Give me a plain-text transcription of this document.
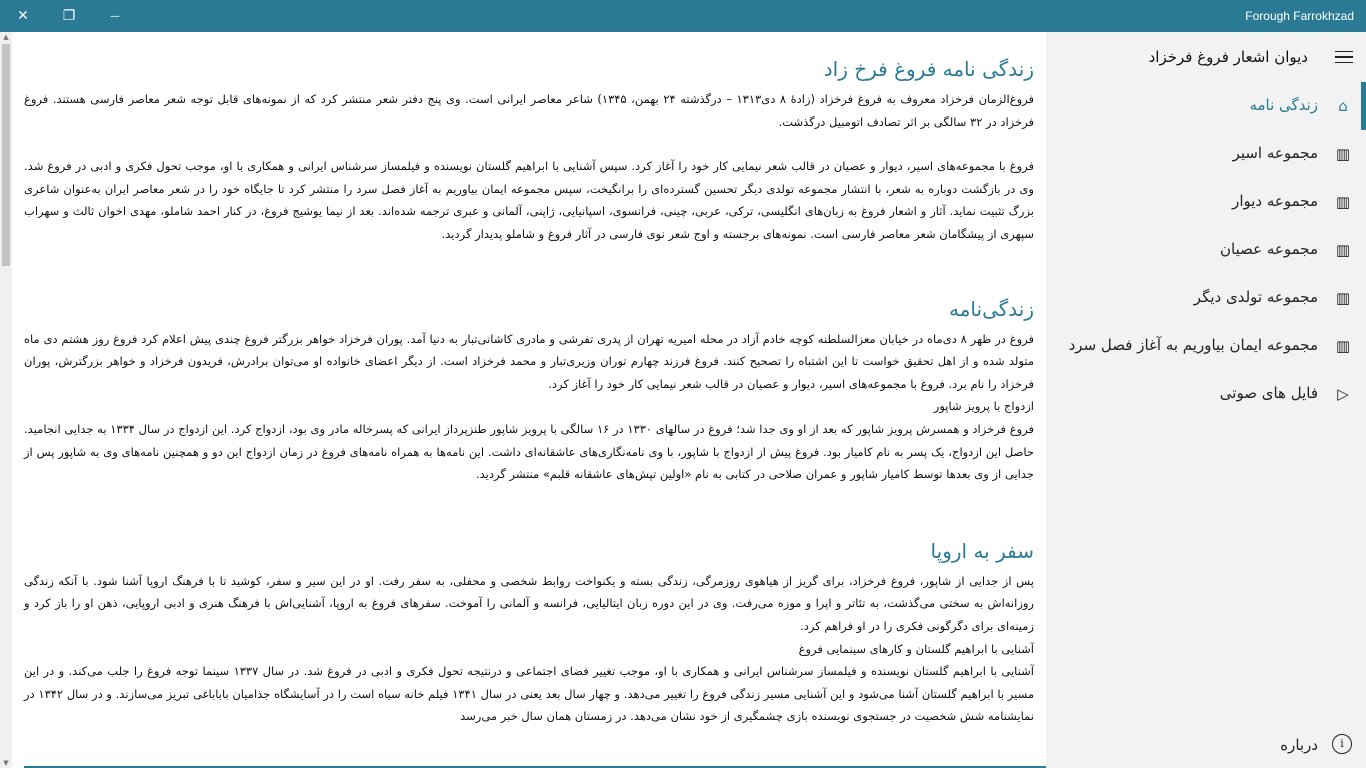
✕ ❐	—	Forough Farrokhzad
▲
▼
زندگی نامه فروغ فرخ زاد

فروغ‌الزمان فرخزاد معروف به فروغ فرخزاد (زادهٔ ۸ دی۱۳۱۳ – درگذشته ۲۴ بهمن، ۱۳۴۵) شاعر معاصر ایرانی است. وی پنج دفتر شعر منتشر کرد که از نمونه‌های قابل توجه شعر معاصر فارسی هستند. فروغ فرخزاد در ۳۲ سالگی بر اثر تصادف اتومبیل درگذشت.

فروغ با مجموعه‌های اسیر، دیوار و عصیان در قالب شعر نیمایی کار خود را آغاز کرد. سپس آشنایی با ابراهیم گلستان نویسنده و فیلمساز سرشناس ایرانی و همکاری با او، موجب تحول فکری و ادبی در فروغ شد. وی در بازگشت دوباره به شعر، با انتشار مجموعه تولدی دیگر تحسین گسترده‌ای را برانگیخت، سپس مجموعه ایمان بیاوریم به آغاز فصل سرد را منتشر کرد تا جایگاه خود را در شعر معاصر ایران به‌عنوان شاعری بزرگ تثبیت نماید. آثار و اشعار فروغ به زبان‌های انگلیسی، ترکی، عربی، چینی، فرانسوی، اسپانیایی، ژاپنی، آلمانی و عبری ترجمه شده‌اند. بعد از نیما یوشیج فروغ، در کنار احمد شاملو، مهدی اخوان ثالث و سهراب سپهری از پیشگامان شعر معاصر فارسی است. نمونه‌های برجسته و اوج شعر نوی فارسی در آثار فروغ و شاملو پدیدار گردید.

زندگی‌نامه

فروغ در ظهر ۸ دی‌ماه در خیابان معزالسلطنه کوچه خادم آزاد در محله امیریه تهران از پدری تفرشی و مادری کاشانی‌تبار به دنیا آمد. پوران فرخزاد خواهر بزرگتر فروغ چندی پیش اعلام کرد فروغ روز هشتم دی ماه متولد شده و از اهل تحقیق خواست تا این اشتباه را تصحیح کنند. فروغ فرزند چهارم توران وزیری‌تبار و محمد فرخزاد است. از دیگر اعضای خانواده او می‌توان برادرش، فریدون فرخزاد و خواهر بزرگترش، پوران فرخزاد را نام برد. فروغ با مجموعه‌های اسیر، دیوار و عصیان در قالب شعر نیمایی کار خود را آغاز کرد.

ازدواج با پرویز شاپور

فروغ فرخزاد و همسرش پرویز شاپور که بعد از او وی جدا شد؛ فروغ در سالهای ۱۳۳۰ در ۱۶ سالگی با پرویز شاپور طنزپرداز ایرانی که پسرخاله مادر وی بود، ازدواج کرد. این ازدواج در سال ۱۳۳۴ به جدایی انجامید. حاصل این ازدواج، یک پسر به نام کامیار بود. فروغ پیش از ازدواج با شاپور، با وی نامه‌نگاری‌های عاشقانه‌ای داشت. این نامه‌ها به همراه نامه‌های فروغ در زمان ازدواج این دو و همچنین نامه‌های وی به شاپور پس از جدایی از وی بعدها توسط کامیار شاپور و عمران صلاحی در کتابی به نام «اولین تپش‌های عاشقانه قلبم» منتشر گردید.

سفر به اروپا

پس از جدایی از شاپور، فروغ فرخزاد، برای گریز از هیاهوی روزمرگی، زندگی بسته و یکنواخت روابط شخصی و محفلی، به سفر رفت. او در این سیر و سفر، کوشید تا با فرهنگ اروپا آشنا شود. با آنکه زندگی روزانه‌اش به سختی می‌گذشت، به تئاتر و اپرا و موزه می‌رفت. وی در این دوره زبان ایتالیایی، فرانسه و آلمانی را آموخت. سفرهای فروغ به اروپا، آشنایی‌اش با فرهنگ هنری و ادبی اروپایی، ذهن او را باز کرد و زمینه‌ای برای دگرگونی فکری را در او فراهم کرد.

آشنایی با ابراهیم گلستان و کارهای سینمایی فروغ

آشنایی با ابراهیم گلستان نویسنده و فیلمساز سرشناس ایرانی و همکاری با او، موجب تغییر فضای اجتماعی و درنتیجه تحول فکری و ادبی در فروغ شد. در سال ۱۳۳۷ سینما توجه فروغ را جلب می‌کند. و در این مسیر با ابراهیم گلستان آشنا می‌شود و این آشنایی مسیر زندگی فروغ را تغییر می‌دهد. و چهار سال بعد یعنی در سال ۱۳۴۱ فیلم خانه سیاه است را در آسایشگاه جذامیان باباباغی تبریز می‌سازند. و در سال ۱۳۴۲ در نمایشنامه شش شخصیت در جستجوی نویسنده بازی چشمگیری از خود نشان می‌دهد. در زمستان همان سال خبر می‌رسد

دیوان اشعار فروغ فرخزاد
⌂
زندگی نامه
▥
مجموعه اسیر
▥
مجموعه دیوار
▥
مجموعه عصیان
▥
مجموعه تولدی دیگر
▥
مجموعه ایمان بیاوریم به آغاز فصل سرد
▷
فایل های صوتی
i
درباره
